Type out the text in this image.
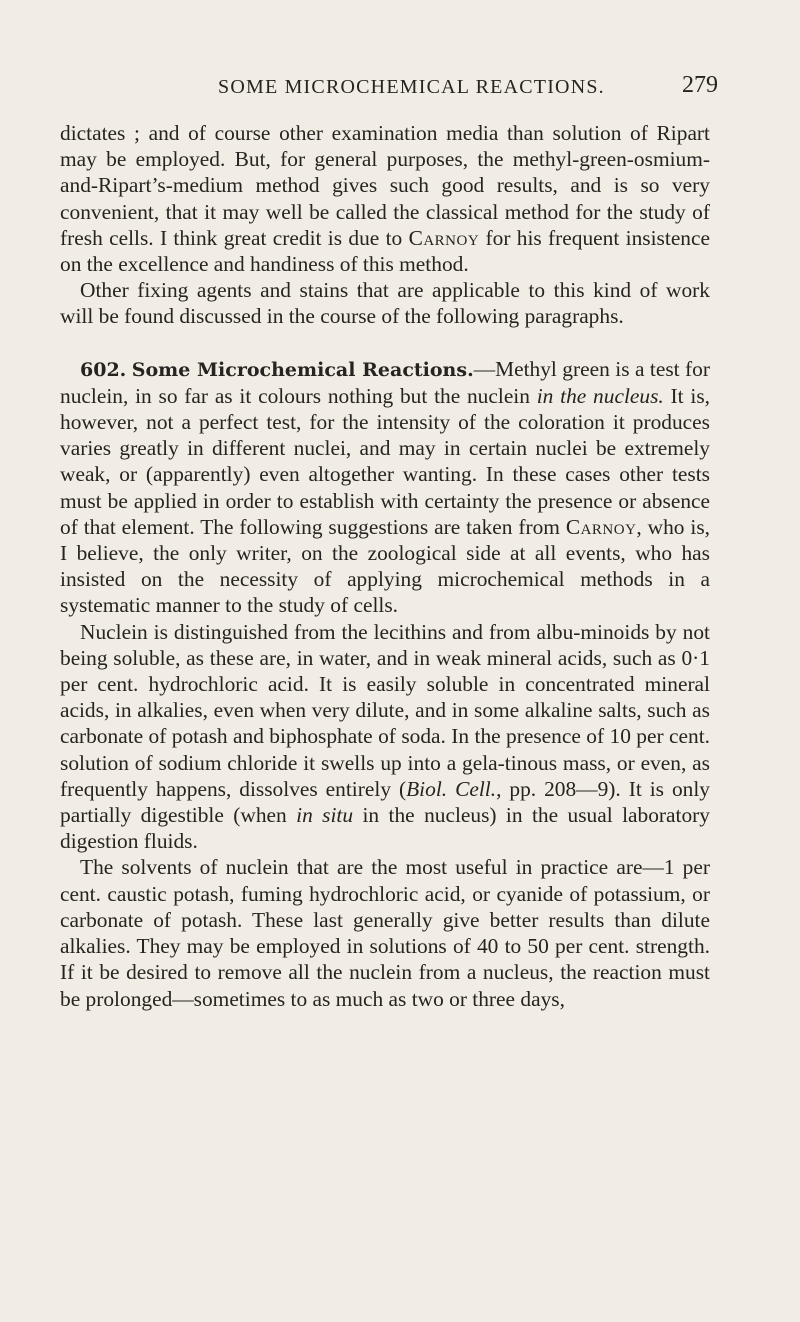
SOME MICROCHEMICAL REACTIONS.	279

dictates ; and of course other examination media than solution of Ripart may be employed. But, for general purposes, the methyl-green-osmium-and-Ripart’s-medium method gives such good results, and is so very convenient, that it may well be called the classical method for the study of fresh cells. I think great credit is due to Carnoy for his frequent insistence on the excellence and handiness of this method.

Other fixing agents and stains that are applicable to this kind of work will be found discussed in the course of the following paragraphs.

602. Some Microchemical Reactions.—Methyl green is a test for nuclein, in so far as it colours nothing but the nuclein in the nucleus. It is, however, not a perfect test, for the intensity of the coloration it produces varies greatly in different nuclei, and may in certain nuclei be extremely weak, or (apparently) even altogether wanting. In these cases other tests must be applied in order to establish with certainty the presence or absence of that element. The following suggestions are taken from Carnoy, who is, I believe, the only writer, on the zoological side at all events, who has insisted on the necessity of applying microchemical methods in a systematic manner to the study of cells.

Nuclein is distinguished from the lecithins and from albu-minoids by not being soluble, as these are, in water, and in weak mineral acids, such as 0·1 per cent. hydrochloric acid. It is easily soluble in concentrated mineral acids, in alkalies, even when very dilute, and in some alkaline salts, such as carbonate of potash and biphosphate of soda. In the presence of 10 per cent. solution of sodium chloride it swells up into a gela-tinous mass, or even, as frequently happens, dissolves entirely (Biol. Cell., pp. 208—9). It is only partially digestible (when in situ in the nucleus) in the usual laboratory digestion fluids.

The solvents of nuclein that are the most useful in practice are—1 per cent. caustic potash, fuming hydrochloric acid, or cyanide of potassium, or carbonate of potash. These last generally give better results than dilute alkalies. They may be employed in solutions of 40 to 50 per cent. strength. If it be desired to remove all the nuclein from a nucleus, the reaction must be prolonged—sometimes to as much as two or three days,
